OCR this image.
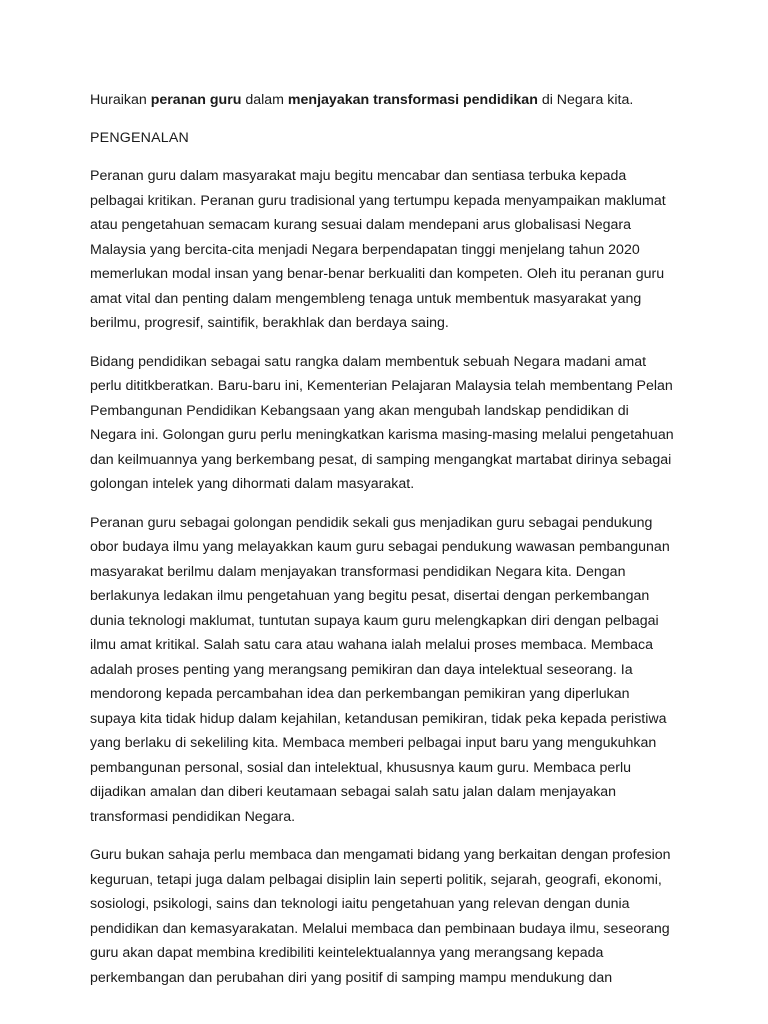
Huraikan peranan guru dalam menjayakan transformasi pendidikan di Negara kita.

PENGENALAN

Peranan guru dalam masyarakat maju begitu mencabar dan sentiasa terbuka kepada
pelbagai kritikan. Peranan guru tradisional yang tertumpu kepada menyampaikan maklumat
atau pengetahuan semacam kurang sesuai dalam mendepani arus globalisasi Negara
Malaysia yang bercita-cita menjadi Negara berpendapatan tinggi menjelang tahun 2020
memerlukan modal insan yang benar-benar berkualiti dan kompeten. Oleh itu peranan guru
amat vital dan penting dalam mengembleng tenaga untuk membentuk masyarakat yang
berilmu, progresif, saintifik, berakhlak dan berdaya saing.

Bidang pendidikan sebagai satu rangka dalam membentuk sebuah Negara madani amat
perlu dititkberatkan. Baru-baru ini, Kementerian Pelajaran Malaysia telah membentang Pelan
Pembangunan Pendidikan Kebangsaan yang akan mengubah landskap pendidikan di
Negara ini. Golongan guru perlu meningkatkan karisma masing-masing melalui pengetahuan
dan keilmuannya yang berkembang pesat, di samping mengangkat martabat dirinya sebagai
golongan intelek yang dihormati dalam masyarakat.

Peranan guru sebagai golongan pendidik sekali gus menjadikan guru sebagai pendukung
obor budaya ilmu yang melayakkan kaum guru sebagai pendukung wawasan pembangunan
masyarakat berilmu dalam menjayakan transformasi pendidikan Negara kita. Dengan
berlakunya ledakan ilmu pengetahuan yang begitu pesat, disertai dengan perkembangan
dunia teknologi maklumat, tuntutan supaya kaum guru melengkapkan diri dengan pelbagai
ilmu amat kritikal. Salah satu cara atau wahana ialah melalui proses membaca. Membaca
adalah proses penting yang merangsang pemikiran dan daya intelektual seseorang. Ia
mendorong kepada percambahan idea dan perkembangan pemikiran yang diperlukan
supaya kita tidak hidup dalam kejahilan, ketandusan pemikiran, tidak peka kepada peristiwa
yang berlaku di sekeliling kita. Membaca memberi pelbagai input baru yang mengukuhkan
pembangunan personal, sosial dan intelektual, khususnya kaum guru. Membaca perlu
dijadikan amalan dan diberi keutamaan sebagai salah satu jalan dalam menjayakan
transformasi pendidikan Negara.

Guru bukan sahaja perlu membaca dan mengamati bidang yang berkaitan dengan profesion
keguruan, tetapi juga dalam pelbagai disiplin lain seperti politik, sejarah, geografi, ekonomi,
sosiologi, psikologi, sains dan teknologi iaitu pengetahuan yang relevan dengan dunia
pendidikan dan kemasyarakatan. Melalui membaca dan pembinaan budaya ilmu, seseorang
guru akan dapat membina kredibiliti keintelektualannya yang merangsang kepada
perkembangan dan perubahan diri yang positif di samping mampu mendukung dan
